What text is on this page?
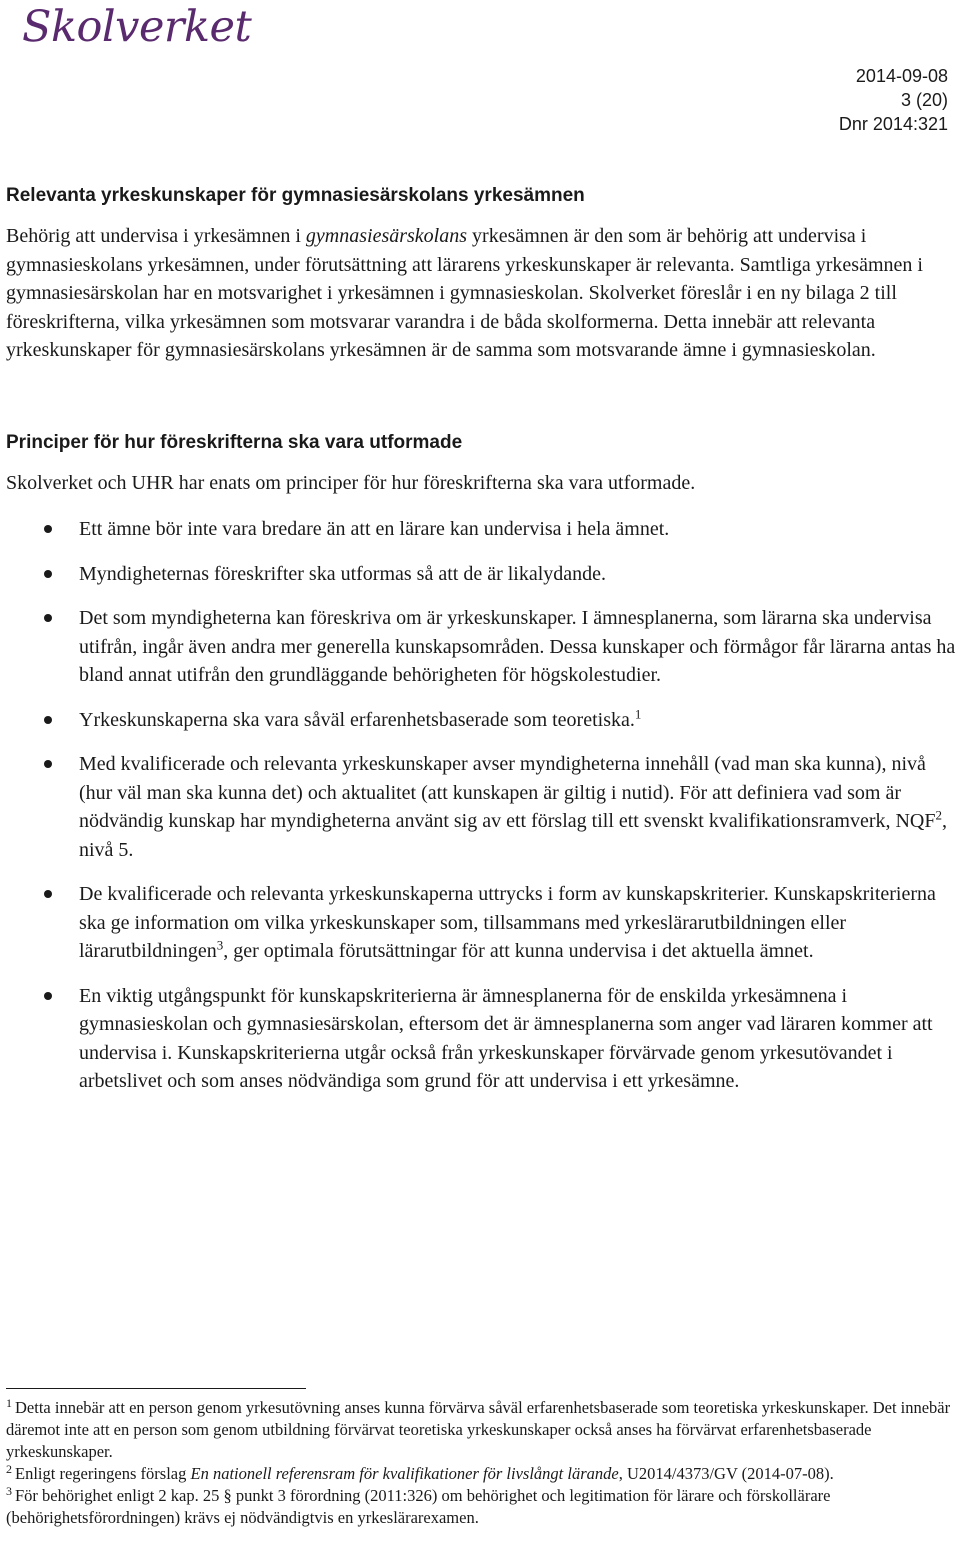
Skolverket
2014-09-08
3 (20)
Dnr 2014:321
Relevanta yrkeskunskaper för gymnasiesärskolans yrkesämnen

Behörig att undervisa i yrkesämnen i gymnasiesärskolans yrkesämnen är den som är behörig att undervisa i gymnasieskolans yrkesämnen, under förutsättning att lärarens yrkeskunskaper är relevanta. Samtliga yrkesämnen i gymnasiesärskolan har en motsvarighet i yrkesämnen i gymnasieskolan. Skolverket föreslår i en ny bilaga 2 till föreskrifterna, vilka yrkesämnen som motsvarar varandra i de båda skolformerna. Detta innebär att relevanta yrkeskunskaper för gymnasiesärskolans yrkesämnen är de samma som motsvarande ämne i gymnasieskolan.

Principer för hur föreskrifterna ska vara utformade

Skolverket och UHR har enats om principer för hur föreskrifterna ska vara utformade.

Ett ämne bör inte vara bredare än att en lärare kan undervisa i hela ämnet.
Myndigheternas föreskrifter ska utformas så att de är likalydande.
Det som myndigheterna kan föreskriva om är yrkeskunskaper. I ämnesplanerna, som lärarna ska undervisa utifrån, ingår även andra mer generella kunskapsområden. Dessa kunskaper och förmågor får lärarna antas ha bland annat utifrån den grundläggande behörigheten för högskolestudier.
Yrkeskunskaperna ska vara såväl erfarenhetsbaserade som teoretiska.$^1$
Med kvalificerade och relevanta yrkeskunskaper avser myndigheterna innehåll (vad man ska kunna), nivå (hur väl man ska kunna det) och aktualitet (att kunskapen är giltig i nutid). För att definiera vad som är nödvändig kunskap har myndigheterna använt sig av ett förslag till ett svenskt kvalifikationsramverk, NQF$^2$, nivå 5.
De kvalificerade och relevanta yrkeskunskaperna uttrycks i form av kunskapskriterier. Kunskapskriterierna ska ge information om vilka yrkeskunskaper som, tillsammans med yrkeslärarutbildningen eller lärarutbildningen$^3$, ger optimala förutsättningar för att kunna undervisa i det aktuella ämnet.
En viktig utgångspunkt för kunskapskriterierna är ämnesplanerna för de enskilda yrkesämnena i gymnasieskolan och gymnasiesärskolan, eftersom det är ämnesplanerna som anger vad läraren kommer att undervisa i. Kunskapskriterierna utgår också från yrkeskunskaper förvärvade genom yrkesutövandet i arbetslivet och som anses nödvändiga som grund för att undervisa i ett yrkesämne.

$^1$ Detta innebär att en person genom yrkesutövning anses kunna förvärva såväl erfarenhetsbaserade som teoretiska yrkeskunskaper. Det innebär däremot inte att en person som genom utbildning förvärvat teoretiska yrkeskunskaper också anses ha förvärvat erfarenhetsbaserade yrkeskunskaper.

$^2$ Enligt regeringens förslag En nationell referensram för kvalifikationer för livslångt lärande, U2014/4373/GV (2014-07-08).

$^3$ För behörighet enligt 2 kap. 25 § punkt 3 förordning (2011:326) om behörighet och legitimation för lärare och förskollärare (behörighetsförordningen) krävs ej nödvändigtvis en yrkeslärarexamen.
